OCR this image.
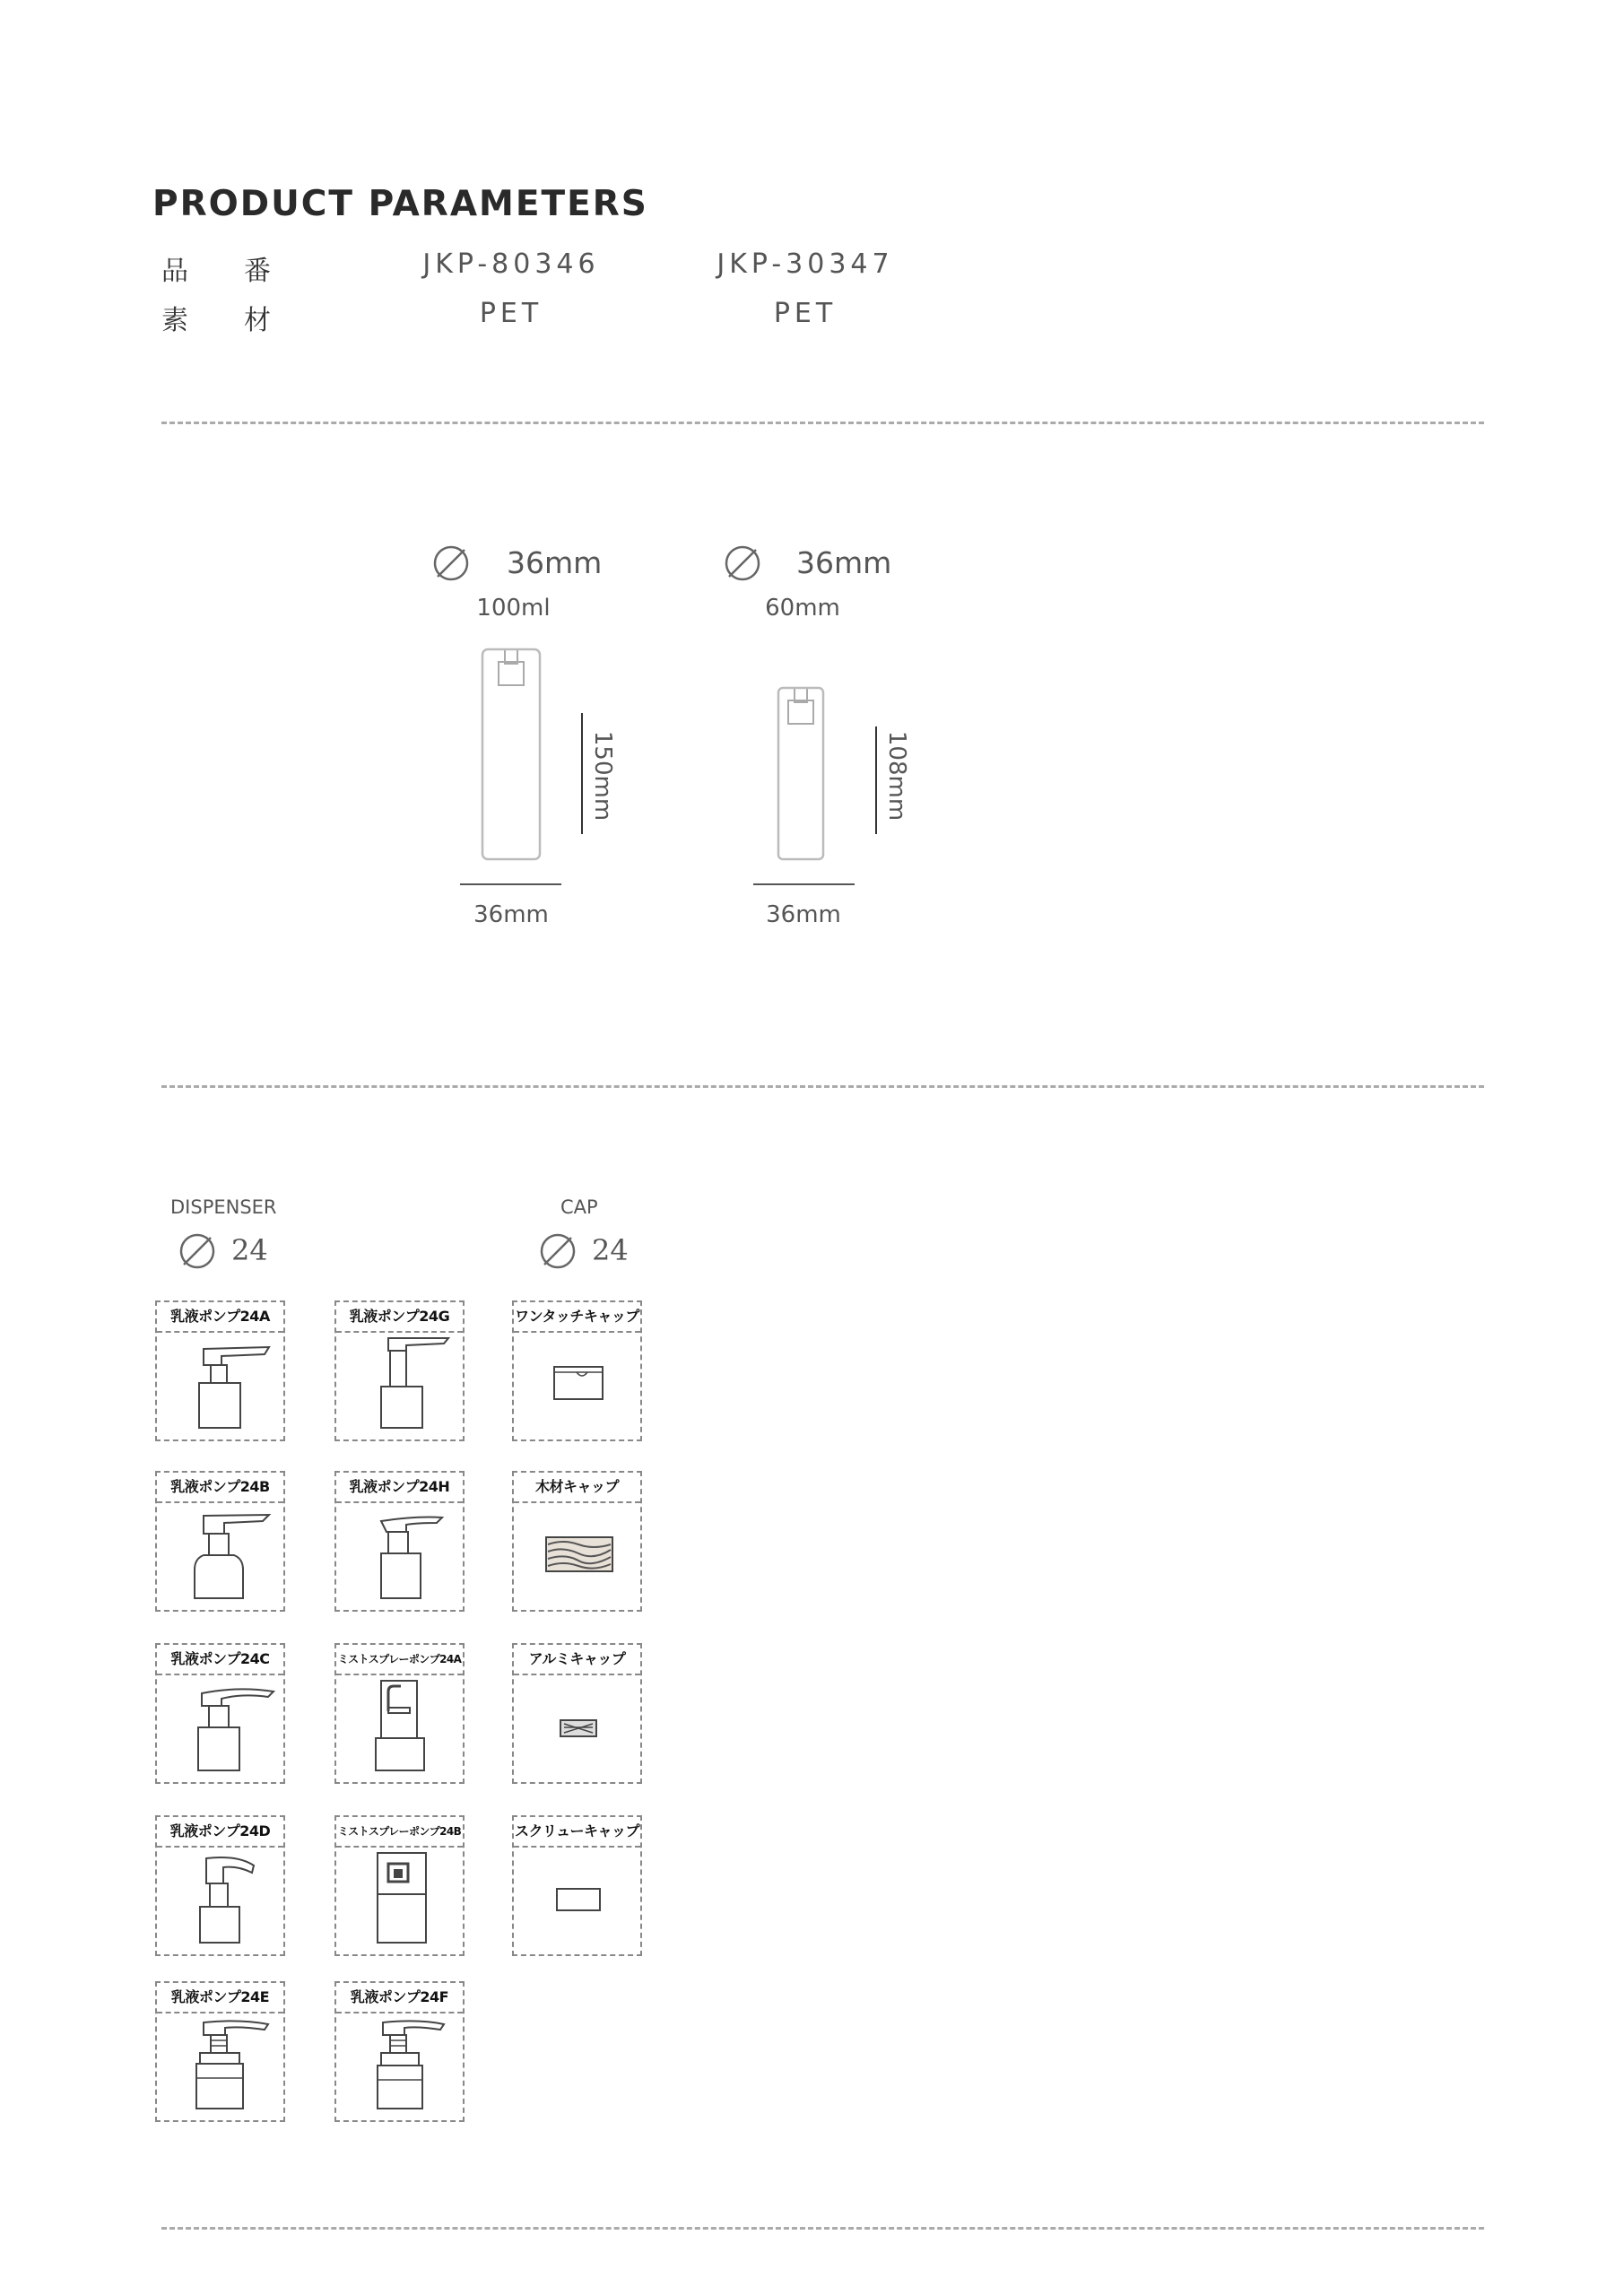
PRODUCT PARAMETERS
品 番	JKP-80346	JKP-30347
素 材	PET	PET
36mm
100ml
150mm
36mm
36mm
60mm
108mm
36mm
DISPENSER
24
CAP
24
乳液ポンプ24A
乳液ポンプ24B
乳液ポンプ24C
乳液ポンプ24D
乳液ポンプ24E
乳液ポンプ24G
乳液ポンプ24H
ミストスプレーポンプ24A
ミストスプレーポンプ24B
乳液ポンプ24F
ワンタッチキャップ
木材キャップ
アルミキャップ
スクリューキャップ
